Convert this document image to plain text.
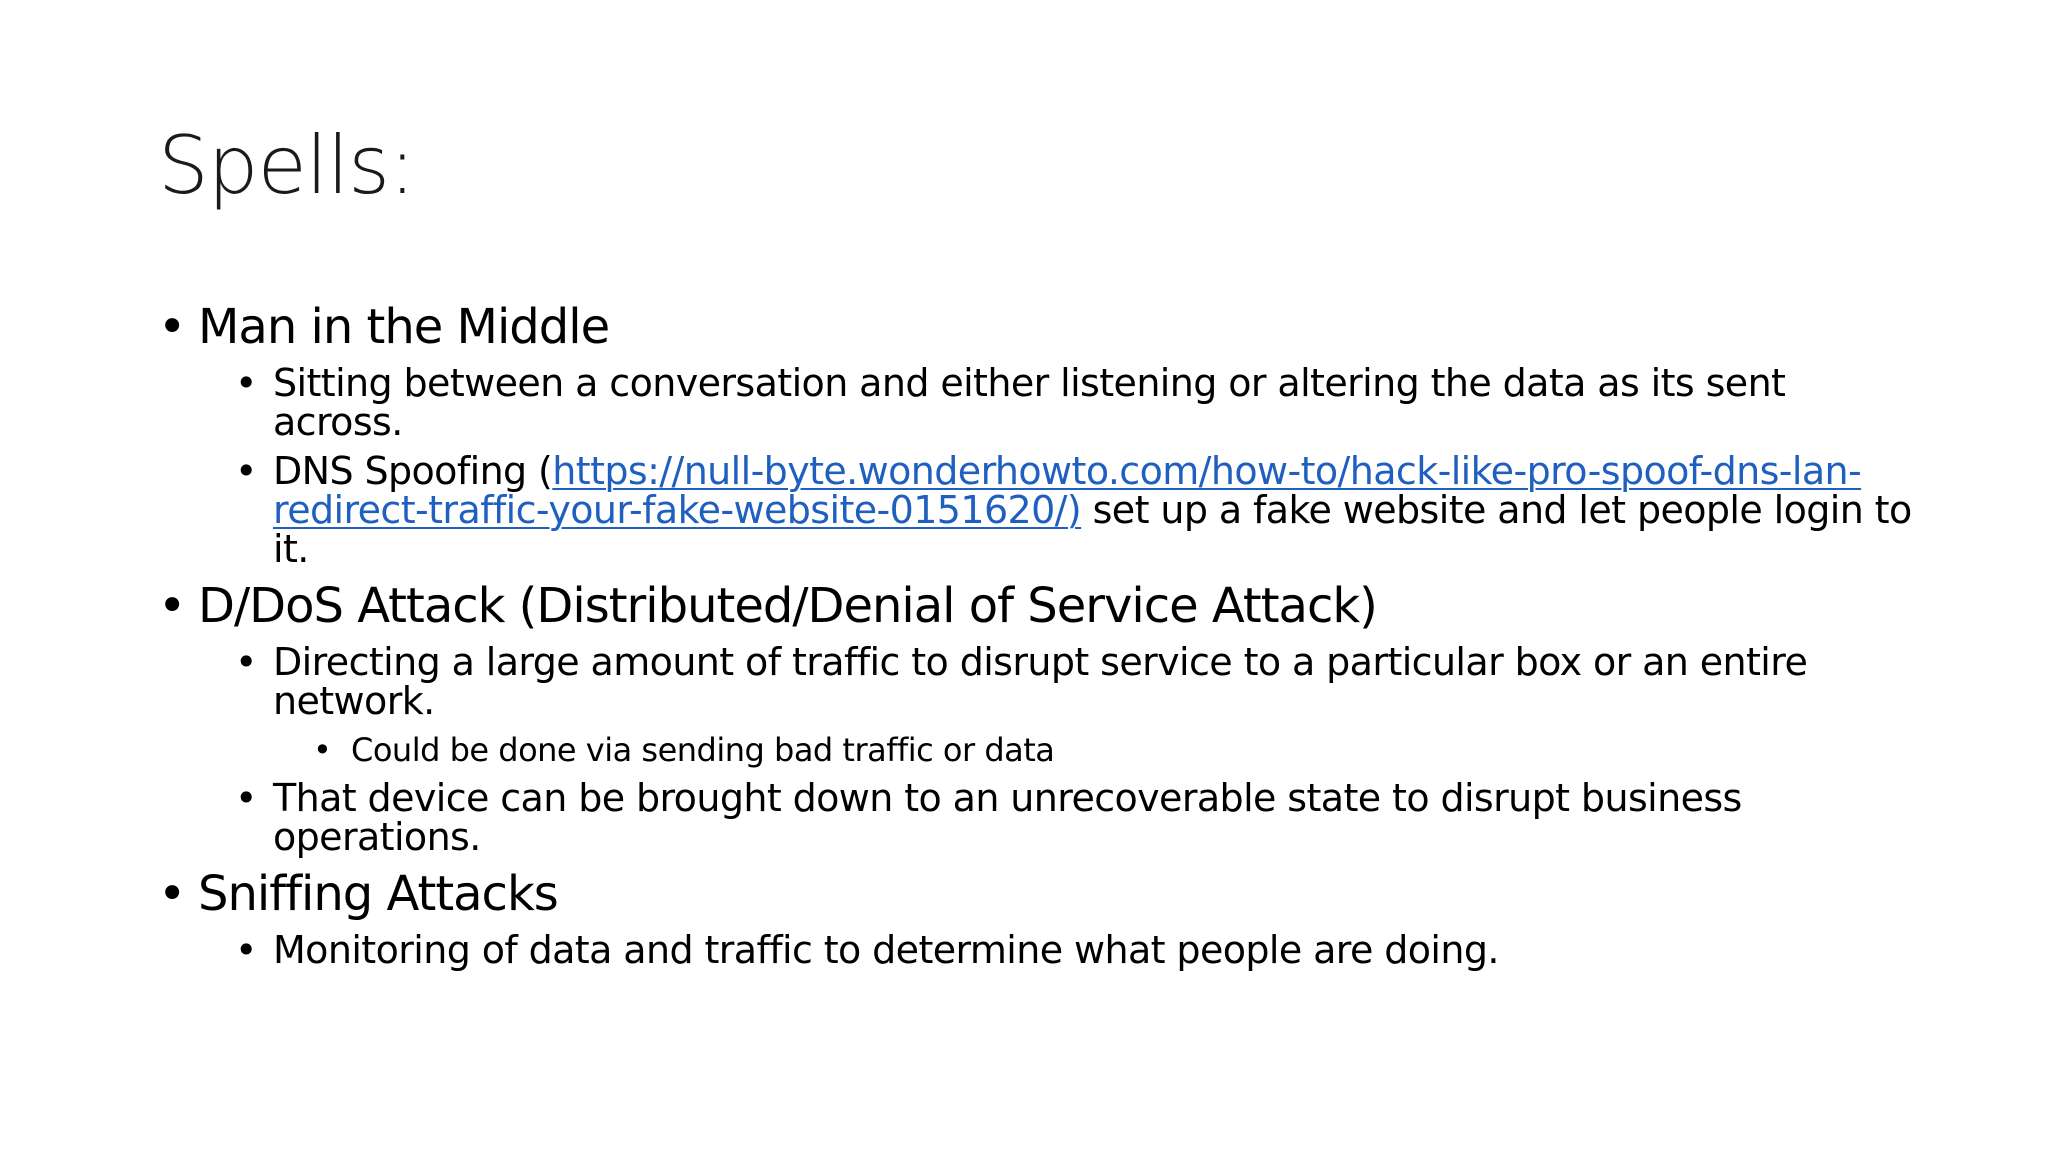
Spells:
• Man in the Middle
• Sitting between a conversation and either listening or altering the data as its sent across.
• DNS Spoofing (https://null-byte.wonderhowto.com/how-to/hack-like-pro-spoof-dns-lan-redirect-traffic-your-fake-website-0151620/) set up a fake website and let people login to it.
• D/DoS Attack (Distributed/Denial of Service Attack)
• Directing a large amount of traffic to disrupt service to a particular box or an entire network.
• Could be done via sending bad traffic or data
• That device can be brought down to an unrecoverable state to disrupt business operations.
• Sniffing Attacks
• Monitoring of data and traffic to determine what people are doing.
